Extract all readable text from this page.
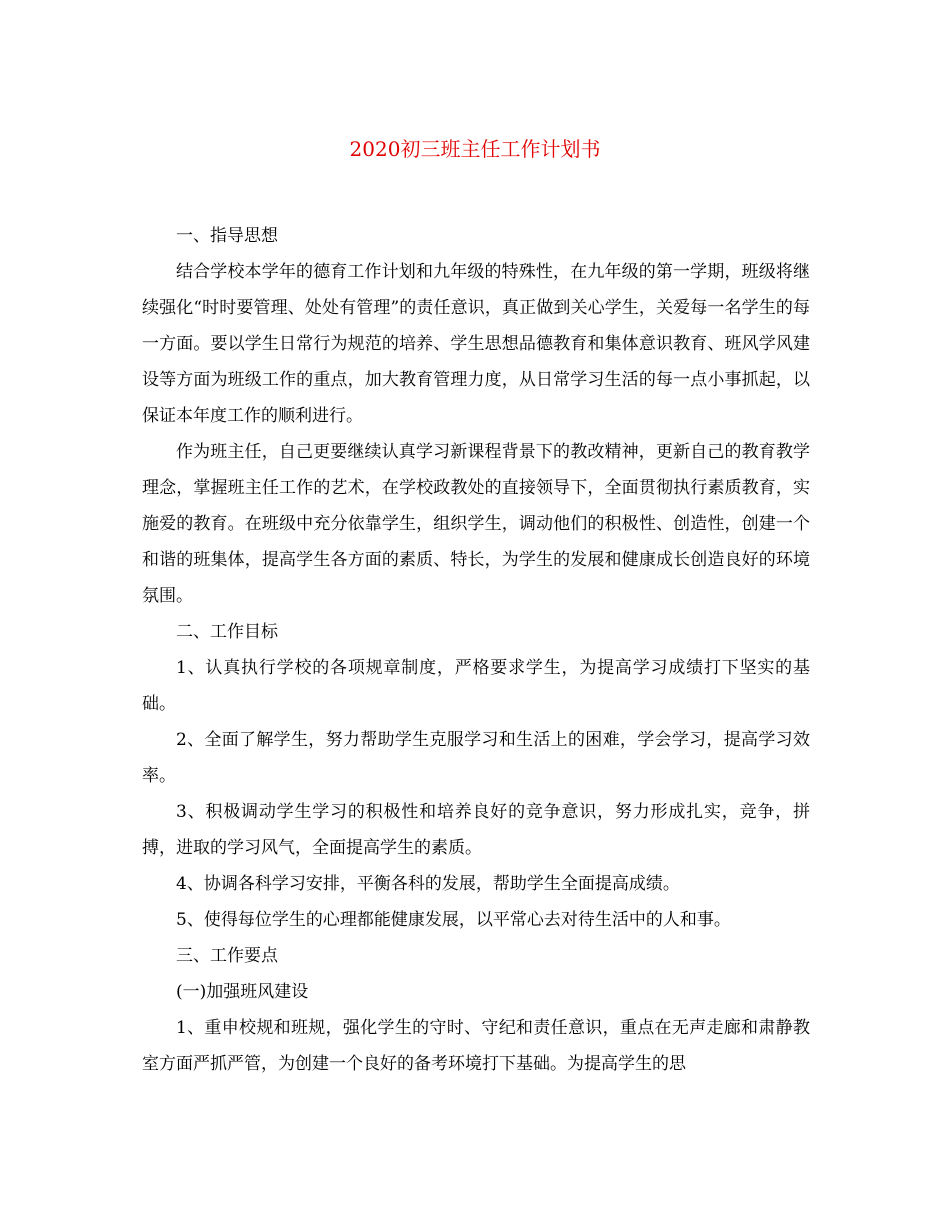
2020初三班主任工作计划书

一、指导思想

结合学校本学年的德育工作计划和九年级的特殊性，在九年级的第一学期，班级将继续强化“时时要管理、处处有管理”的责任意识，真正做到关心学生，关爱每一名学生的每一方面。要以学生日常行为规范的培养、学生思想品德教育和集体意识教育、班风学风建设等方面为班级工作的重点，加大教育管理力度，从日常学习生活的每一点小事抓起，以保证本年度工作的顺利进行。

作为班主任，自己更要继续认真学习新课程背景下的教改精神，更新自己的教育教学理念，掌握班主任工作的艺术，在学校政教处的直接领导下，全面贯彻执行素质教育，实施爱的教育。在班级中充分依靠学生，组织学生，调动他们的积极性、创造性，创建一个和谐的班集体，提高学生各方面的素质、特长，为学生的发展和健康成长创造良好的环境氛围。

二、工作目标

1、认真执行学校的各项规章制度，严格要求学生，为提高学习成绩打下坚实的基础。

2、全面了解学生，努力帮助学生克服学习和生活上的困难，学会学习，提高学习效率。

3、积极调动学生学习的积极性和培养良好的竞争意识，努力形成扎实，竞争，拼搏，进取的学习风气，全面提高学生的素质。

4、协调各科学习安排，平衡各科的发展，帮助学生全面提高成绩。

5、使得每位学生的心理都能健康发展，以平常心去对待生活中的人和事。

三、工作要点

(一)加强班风建设

1、重申校规和班规，强化学生的守时、守纪和责任意识，重点在无声走廊和肃静教室方面严抓严管，为创建一个良好的备考环境打下基础。为提高学生的思
